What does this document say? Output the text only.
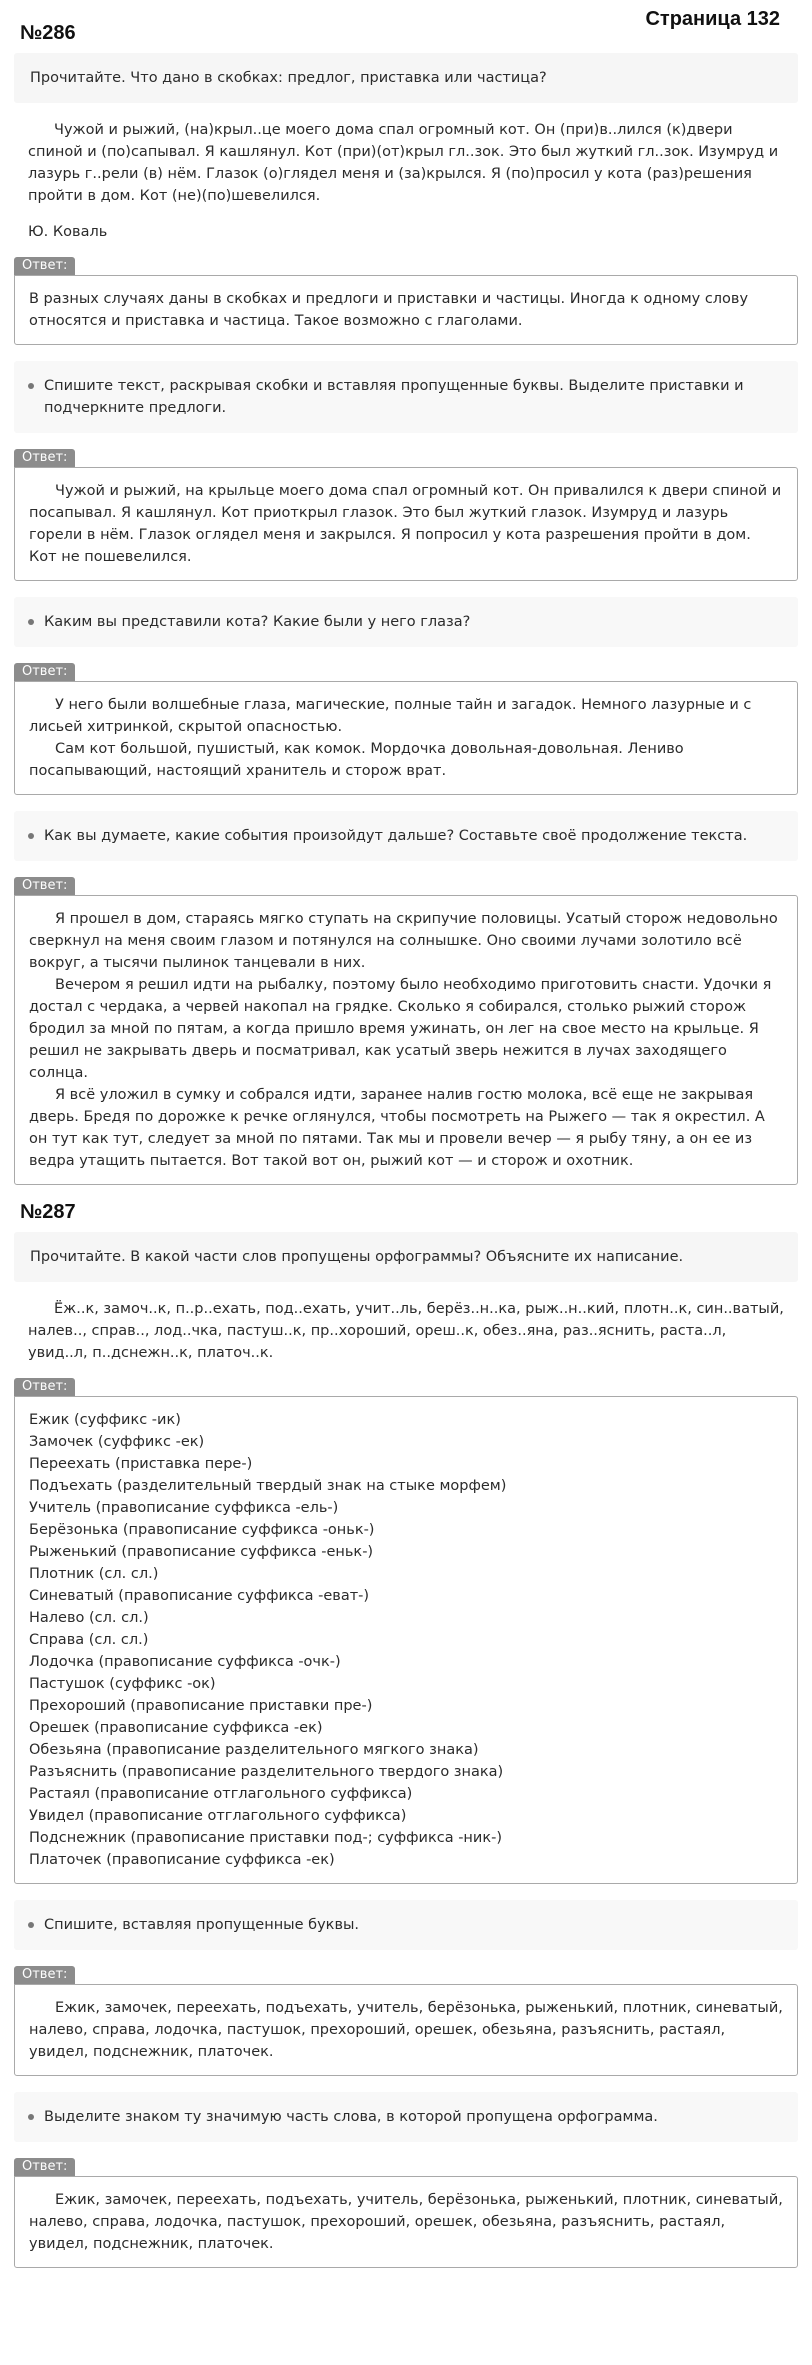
Страница 132
№286
Прочитайте. Что дано в скобках: предлог, приставка или частица?

Чужой и рыжий, (на)крыл..це моего дома спал огромный кот. Он (при)в..лился (к)двери спиной и (по)сапывал. Я кашлянул. Кот (при)(от)крыл гл..зок. Это был жуткий гл..зок. Изумруд и лазурь г..рели (в) нём. Глазок (о)глядел меня и (за)крылся. Я (по)просил у кота (раз)решения пройти в дом. Кот (не)(по)шевелился.

Ю. Коваль

Ответ:

В разных случаях даны в скобках и предлоги и приставки и частицы. Иногда к одному слову относятся и приставка и частица. Такое возможно с глаголами.

Спишите текст, раскрывая скобки и вставляя пропущенные буквы. Выделите приставки и подчеркните предлоги.
Ответ:

Чужой и рыжий, на крыльце моего дома спал огромный кот. Он привалился к двери спиной и посапывал. Я кашлянул. Кот приоткрыл глазок. Это был жуткий глазок. Изумруд и лазурь горели в нём. Глазок оглядел меня и закрылся. Я попросил у кота разрешения пройти в дом. Кот не пошевелился.

Каким вы представили кота? Какие были у него глаза?
Ответ:

У него были волшебные глаза, магические, полные тайн и загадок. Немного лазурные и с лисьей хитринкой, скрытой опасностью.

Сам кот большой, пушистый, как комок. Мордочка довольная-довольная. Лениво посапывающий, настоящий хранитель и сторож врат.

Как вы думаете, какие события произойдут дальше? Составьте своё продолжение текста.
Ответ:

Я прошел в дом, стараясь мягко ступать на скрипучие половицы. Усатый сторож недовольно сверкнул на меня своим глазом и потянулся на солнышке. Оно своими лучами золотило всё вокруг, а тысячи пылинок танцевали в них.

Вечером я решил идти на рыбалку, поэтому было необходимо приготовить снасти. Удочки я достал с чердака, а червей накопал на грядке. Сколько я собирался, столько рыжий сторож бродил за мной по пятам, а когда пришло время ужинать, он лег на свое место на крыльце. Я решил не закрывать дверь и посматривал, как усатый зверь нежится в лучах заходящего солнца.

Я всё уложил в сумку и собрался идти, заранее налив гостю молока, всё еще не закрывая дверь. Бредя по дорожке к речке оглянулся, чтобы посмотреть на Рыжего — так я окрестил. А он тут как тут, следует за мной по пятами. Так мы и провели вечер — я рыбу тяну, а он ее из ведра утащить пытается. Вот такой вот он, рыжий кот — и сторож и охотник.

№287
Прочитайте. В какой части слов пропущены орфограммы? Объясните их написание.

Ёж..к, замоч..к, п..р..ехать, под..ехать, учит..ль, берёз..н..ка, рыж..н..кий, плотн..к, син..ватый, налев.., справ.., лод..чка, пастуш..к, пр..хороший, ореш..к, обез..яна, раз..яснить, раста..л, увид..л, п..дснежн..к, платоч..к.

Ответ:
Ежик (суффикс -ик)
Замочек (суффикс -ек)
Переехать (приставка пере-)
Подъехать (разделительный твердый знак на стыке морфем)
Учитель (правописание суффикса -ель-)
Берёзонька (правописание суффикса -оньк-)
Рыженький (правописание суффикса -еньк-)
Плотник (сл. сл.)
Синеватый (правописание суффикса -еват-)
Налево (сл. сл.)
Справа (сл. сл.)
Лодочка (правописание суффикса -очк-)
Пастушок (суффикс -ок)
Прехороший (правописание приставки пре-)
Орешек (правописание суффикса -ек)
Обезьяна (правописание разделительного мягкого знака)
Разъяснить (правописание разделительного твердого знака)
Растаял (правописание отглагольного суффикса)
Увидел (правописание отглагольного суффикса)
Подснежник (правописание приставки под-; суффикса -ник-)
Платочек (правописание суффикса -ек)
Спишите, вставляя пропущенные буквы.
Ответ:

Ежик, замочек, переехать, подъехать, учитель, берёзонька, рыженький, плотник, синеватый, налево, справа, лодочка, пастушок, прехороший, орешек, обезьяна, разъяснить, растаял, увидел, подснежник, платочек.

Выделите знаком ту значимую часть слова, в которой пропущена орфограмма.
Ответ:

Ежик, замочек, переехать, подъехать, учитель, берёзонька, рыженький, плотник, синеватый, налево, справа, лодочка, пастушок, прехороший, орешек, обезьяна, разъяснить, растаял, увидел, подснежник, платочек.
